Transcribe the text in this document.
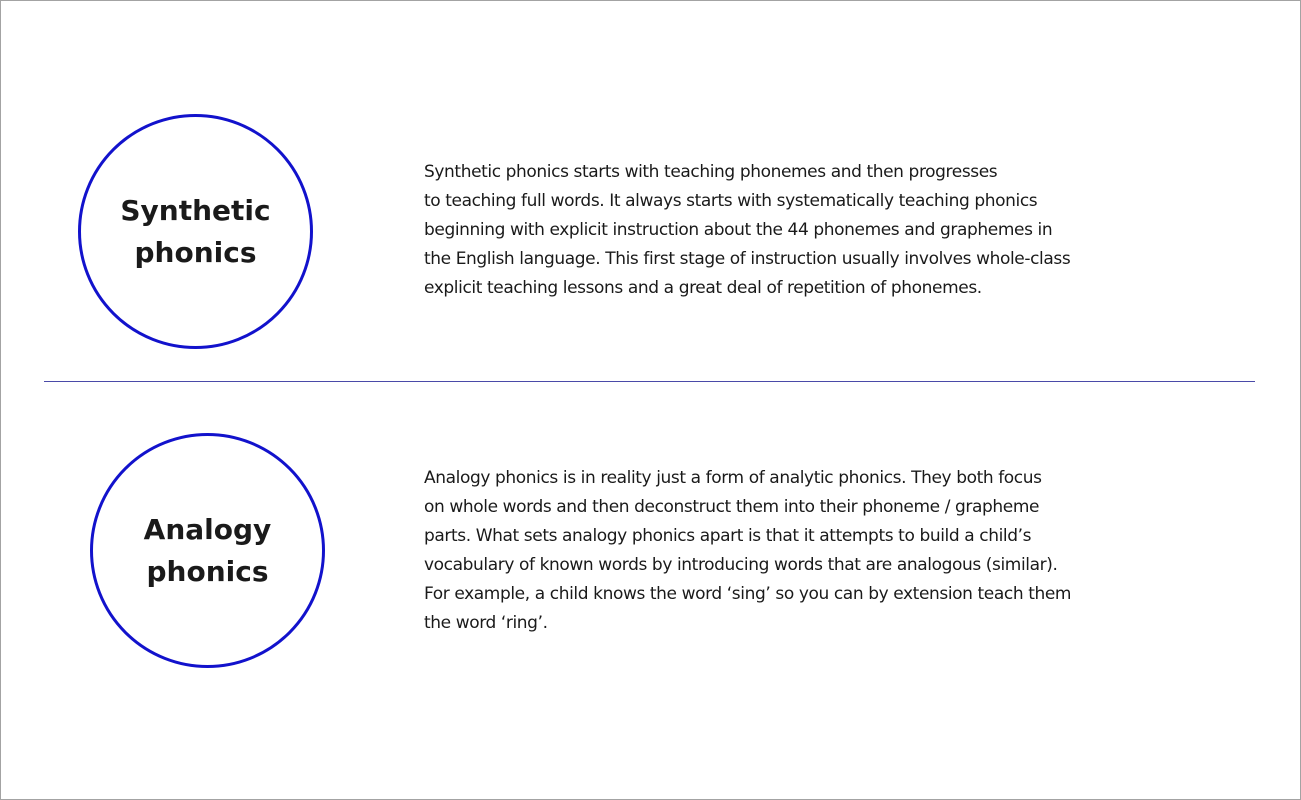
Synthetic
phonics
Synthetic phonics starts with teaching phonemes and then progresses
to teaching full words. It always starts with systematically teaching phonics
beginning with explicit instruction about the 44 phonemes and graphemes in
the English language. This first stage of instruction usually involves whole-class
explicit teaching lessons and a great deal of repetition of phonemes.
Analogy
phonics
Analogy phonics is in reality just a form of analytic phonics. They both focus
on whole words and then deconstruct them into their phoneme / grapheme
parts. What sets analogy phonics apart is that it attempts to build a child’s
vocabulary of known words by introducing words that are analogous (similar).
For example, a child knows the word ‘sing’ so you can by extension teach them
the word ‘ring’.
